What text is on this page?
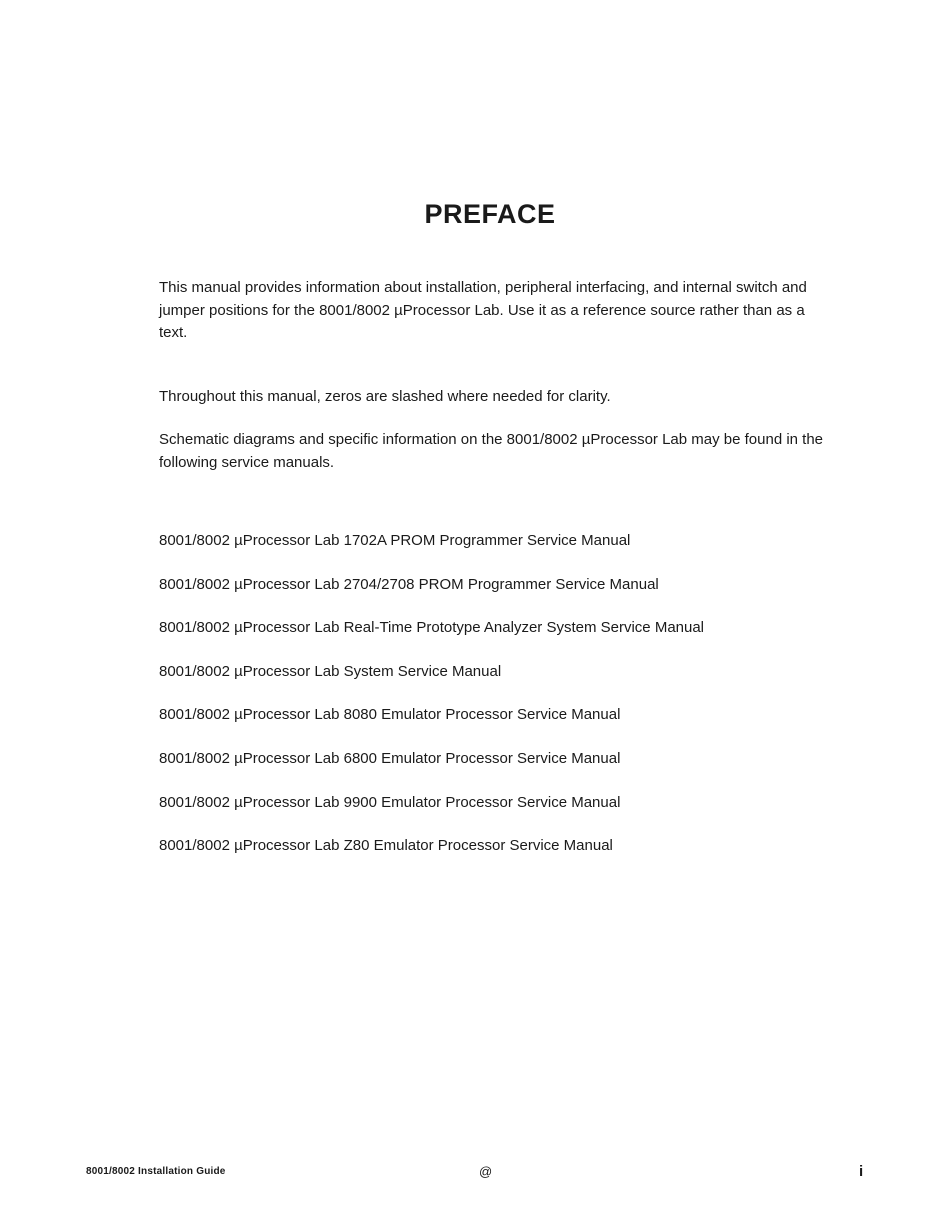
PREFACE

This manual provides information about installation, peripheral interfacing, and internal switch and jumper positions for the 8001/8002 µProcessor Lab. Use it as a reference source rather than as a text.

Throughout this manual, zeros are slashed where needed for clarity.

Schematic diagrams and specific information on the 8001/8002 µProcessor Lab may be found in the following service manuals.

8001/8002 µProcessor Lab 1702A PROM Programmer Service Manual
8001/8002 µProcessor Lab 2704/2708 PROM Programmer Service Manual
8001/8002 µProcessor Lab Real-Time Prototype Analyzer System Service Manual
8001/8002 µProcessor Lab System Service Manual
8001/8002 µProcessor Lab 8080 Emulator Processor Service Manual
8001/8002 µProcessor Lab 6800 Emulator Processor Service Manual
8001/8002 µProcessor Lab 9900 Emulator Processor Service Manual
8001/8002 µProcessor Lab Z80 Emulator Processor Service Manual
8001/8002 Installation Guide	@	i
